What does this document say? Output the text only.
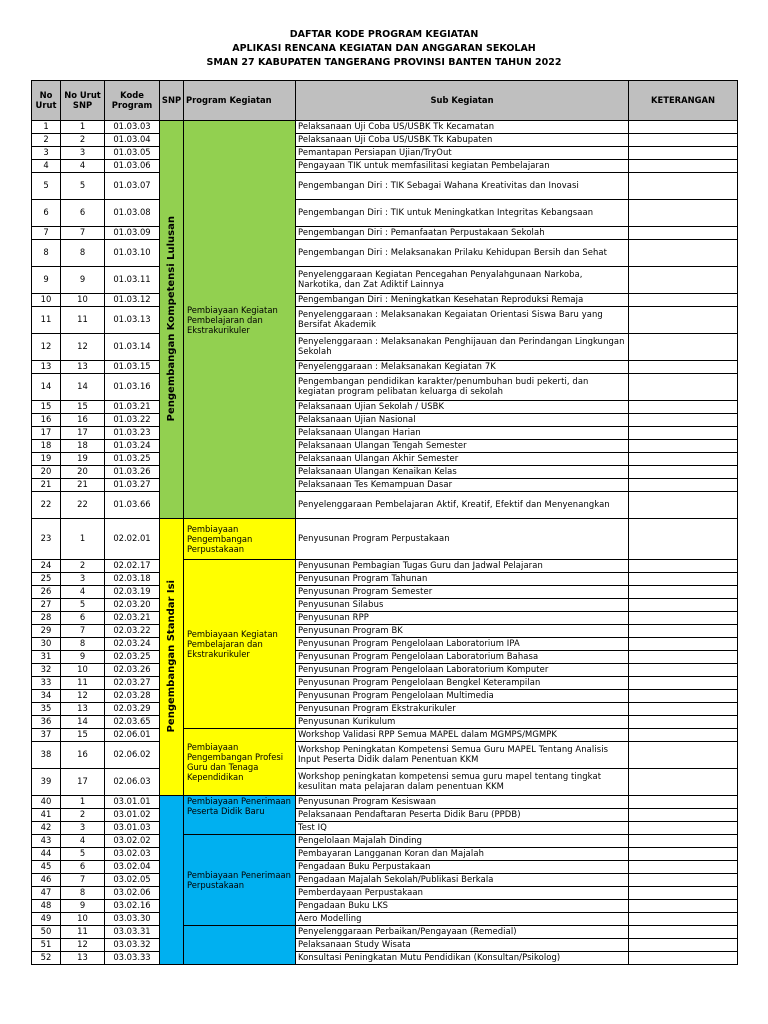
DAFTAR KODE PROGRAM KEGIATAN
APLIKASI RENCANA KEGIATAN DAN ANGGARAN SEKOLAH
SMAN 27 KABUPATEN TANGERANG PROVINSI BANTEN TAHUN 2022
No Urut	No Urut SNP	Kode Program	SNP	Program Kegiatan	Sub Kegiatan	KETERANGAN
1	1	01.03.03	Pengembangan Kompetensi Lulusan	Pembiayaan Kegiatan Pembelajaran dan Ekstrakurikuler	Pelaksanaan Uji Coba US/USBK Tk Kecamatan	
2	2	01.03.04			Pelaksanaan Uji Coba US/USBK Tk Kabupaten	
3	3	01.03.05			Pemantapan Persiapan Ujian/TryOut	
4	4	01.03.06			Pengayaan TIK untuk memfasilitasi kegiatan Pembelajaran	
5	5	01.03.07			Pengembangan Diri : TIK Sebagai Wahana Kreativitas dan Inovasi	
6	6	01.03.08			Pengembangan Diri : TIK untuk Meningkatkan Integritas Kebangsaan	
7	7	01.03.09			Pengembangan Diri : Pemanfaatan Perpustakaan Sekolah	
8	8	01.03.10			Pengembangan Diri : Melaksanakan Prilaku Kehidupan Bersih dan Sehat	
9	9	01.03.11			Penyelenggaraan Kegiatan Pencegahan Penyalahgunaan Narkoba, Narkotika, dan Zat Adiktif Lainnya	
10	10	01.03.12			Pengembangan Diri : Meningkatkan Kesehatan Reproduksi Remaja	
11	11	01.03.13			Penyelenggaraan : Melaksanakan Kegaiatan Orientasi Siswa Baru yang Bersifat Akademik	
12	12	01.03.14			Penyelenggaraan : Melaksanakan Penghijauan dan Perindangan Lingkungan Sekolah	
13	13	01.03.15			Penyelenggaraan : Melaksanakan Kegiatan 7K	
14	14	01.03.16			Pengembangan pendidikan karakter/penumbuhan budi pekerti, dan kegiatan program pelibatan keluarga di sekolah	
15	15	01.03.21			Pelaksanaan Ujian Sekolah / USBK	
16	16	01.03.22			Pelaksanaan Ujian Nasional	
17	17	01.03.23			Pelaksanaan Ulangan Harian	
18	18	01.03.24			Pelaksanaan Ulangan Tengah Semester	
19	19	01.03.25			Pelaksanaan Ulangan Akhir Semester	
20	20	01.03.26			Pelaksanaan Ulangan Kenaikan Kelas	
21	21	01.03.27			Pelaksanaan Tes Kemampuan Dasar	
22	22	01.03.66			Penyelenggaraan Pembelajaran Aktif, Kreatif, Efektif dan Menyenangkan	
23	1	02.02.01	Pengembangan Standar Isi	Pembiayaan Pengembangan Perpustakaan	Penyusunan Program Perpustakaan	
24	2	02.02.17		Pembiayaan Kegiatan Pembelajaran dan Ekstrakurikuler	Penyusunan Pembagian Tugas Guru dan Jadwal Pelajaran	
25	3	02.03.18			Penyusunan Program Tahunan	
26	4	02.03.19			Penyusunan Program Semester	
27	5	02.03.20			Penyusunan Silabus	
28	6	02.03.21			Penyusunan RPP	
29	7	02.03.22			Penyusunan Program BK	
30	8	02.03.24			Penyusunan Program Pengelolaan Laboratorium IPA	
31	9	02.03.25			Penyusunan Program Pengelolaan Laboratorium Bahasa	
32	10	02.03.26			Penyusunan Program Pengelolaan Laboratorium Komputer	
33	11	02.03.27			Penyusunan Program Pengelolaan Bengkel Keterampilan	
34	12	02.03.28			Penyusunan Program Pengelolaan Multimedia	
35	13	02.03.29			Penyusunan Program Ekstrakurikuler	
36	14	02.03.65			Penyusunan Kurikulum	
37	15	02.06.01		Pembiayaan Pengembangan Profesi Guru dan Tenaga Kependidikan	Workshop Validasi RPP Semua MAPEL dalam MGMPS/MGMPK	
38	16	02.06.02			Workshop Peningkatan Kompetensi Semua Guru MAPEL Tentang Analisis Input Peserta Didik dalam Penentuan KKM	
39	17	02.06.03			Workshop peningkatan kompetensi semua guru mapel tentang tingkat kesulitan mata pelajaran dalam penentuan KKM	
40	1	03.01.01		Pembiayaan Penerimaan Peserta Didik Baru	Penyusunan Program Kesiswaan	
41	2	03.01.02			Pelaksanaan Pendaftaran Peserta Didik Baru (PPDB)	
42	3	03.01.03			Test IQ	
43	4	03.02.02		Pembiayaan Penerimaan Perpustakaan	Pengelolaan Majalah Dinding	
44	5	03.02.03			Pembayaran Langganan Koran dan Majalah	
45	6	03.02.04			Pengadaan Buku Perpustakaan	
46	7	03.02.05			Pengadaan Majalah Sekolah/Publikasi Berkala	
47	8	03.02.06			Pemberdayaan Perpustakaan	
48	9	03.02.16			Pengadaan Buku LKS	
49	10	03.03.30			Aero Modelling	
50	11	03.03.31			Penyelenggaraan Perbaikan/Pengayaan (Remedial)	
51	12	03.03.32			Pelaksanaan Study Wisata	
52	13	03.03.33			Konsultasi Peningkatan Mutu Pendidikan (Konsultan/Psikolog)	
